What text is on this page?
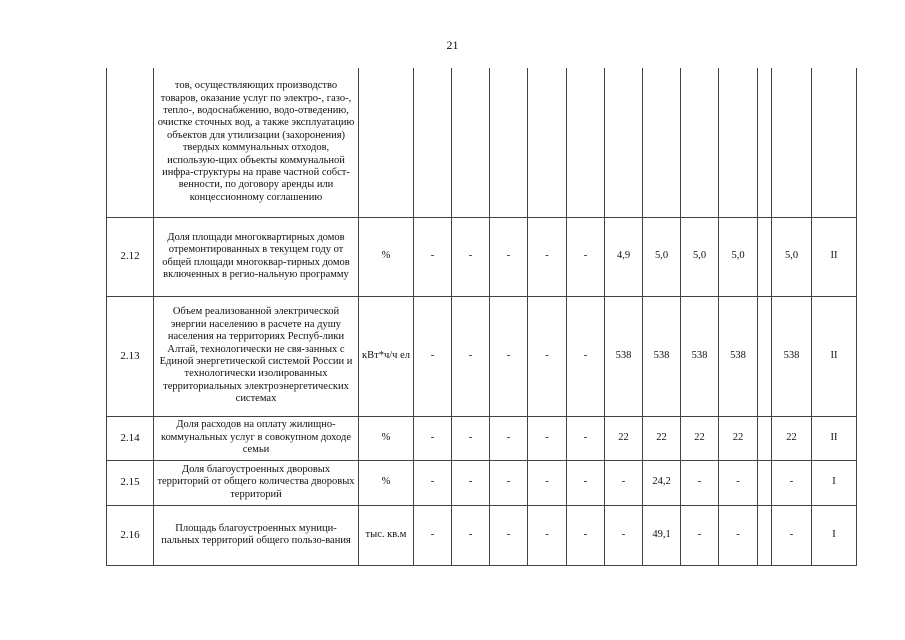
21
	тов, осуществляющих производство товаров, оказание услуг по электро-, газо-, тепло-, водоснабжению, водо-отведению, очистке сточных вод, а также эксплуатацию объектов для утилизации (захоронения) твердых коммунальных отходов, использую-щих объекты коммунальной инфра-структуры на праве частной собст-венности, по договору аренды или концессионному соглашению													
2.12	Доля площади многоквартирных домов отремонтированных в текущем году от общей площади многоквар-тирных домов включенных в регио-нальную программу	%	-	-	-	-	-	4,9	5,0	5,0	5,0		5,0	II
2.13	Объем реализованной электрической энергии населению в расчете на душу населения на территориях Респуб-лики Алтай, технологически не свя-занных с Единой энергетической системой России и технологически изолированных территориальных электроэнергетических системах	кВт*ч/ч ел	-	-	-	-	-	538	538	538	538		538	II
2.14	Доля расходов на оплату жилищно-коммунальных услуг в совокупном доходе семьи	%	-	-	-	-	-	22	22	22	22		22	II
2.15	Доля благоустроенных дворовых территорий от общего количества дворовых территорий	%	-	-	-	-	-	-	24,2	-	-		-	I
2.16	Площадь благоустроенных муници-пальных территорий общего пользо-вания	тыс. кв.м	-	-	-	-	-	-	49,1	-	-		-	I
